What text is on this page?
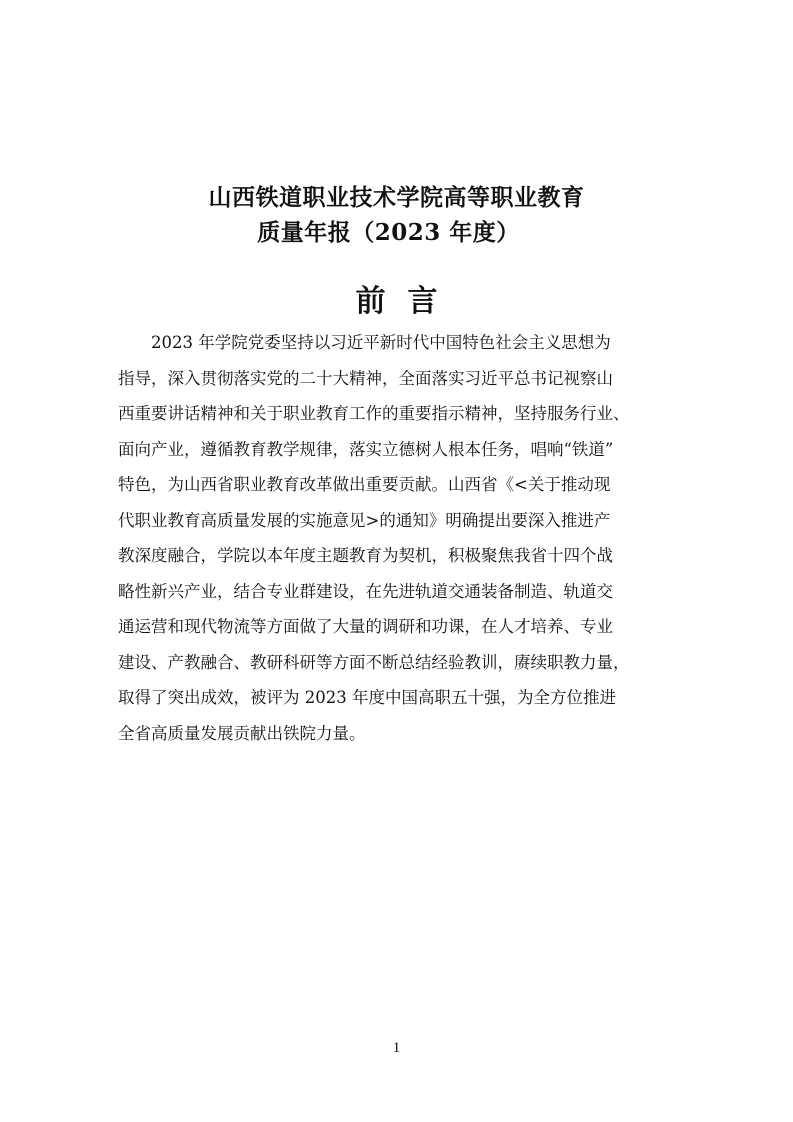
山西铁道职业技术学院高等职业教育
质量年报（2023 年度）
前言
2023 年学院党委坚持以习近平新时代中国特色社会主义思想为
指导，深入贯彻落实党的二十大精神，全面落实习近平总书记视察山
西重要讲话精神和关于职业教育工作的重要指示精神，坚持服务行业、
面向产业，遵循教育教学规律，落实立德树人根本任务，唱响“铁道”
特色，为山西省职业教育改革做出重要贡献。山西省《<关于推动现
代职业教育高质量发展的实施意见>的通知》明确提出要深入推进产
教深度融合，学院以本年度主题教育为契机，积极聚焦我省十四个战
略性新兴产业，结合专业群建设，在先进轨道交通装备制造、轨道交
通运营和现代物流等方面做了大量的调研和功课，在人才培养、专业
建设、产教融合、教研科研等方面不断总结经验教训，赓续职教力量，
取得了突出成效，被评为 2023 年度中国高职五十强，为全方位推进
全省高质量发展贡献出铁院力量。
1
